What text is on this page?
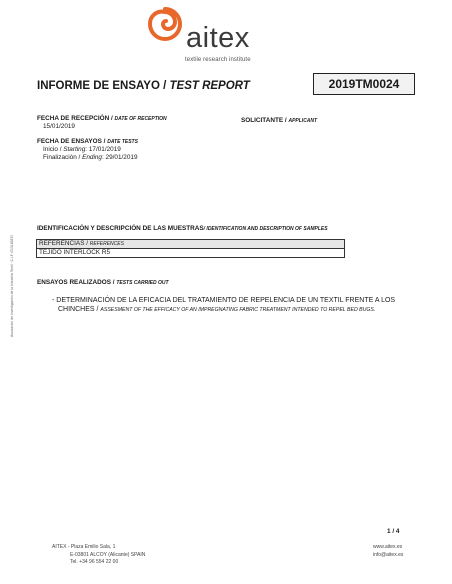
aitex
textile research institute
INFORME DE ENSAYO / TEST REPORT	2019TM0024
FECHA DE RECEPCIÓN / DATE OF RECEPTION
15/01/2019
SOLICITANTE / APPLICANT
FECHA DE ENSAYOS / DATE TESTS
Inicio / Starting: 17/01/2019
Finalización / Ending: 29/01/2019
Asociación de Investigación de la Industria Textil · C.I.F. G03182870
IDENTIFICACIÓN Y DESCRIPCIÓN DE LAS MUESTRAS/ IDENTIFICATION AND DESCRIPTION OF SAMPLES
REFERENCIAS / REFERENCES
TEJIDO INTERLOCK R5
ENSAYOS REALIZADOS / TESTS CARRIED OUT
- DETERMINACIÓN DE LA EFICACIA DEL TRATAMIENTO DE REPELENCIA DE UN TEXTIL FRENTE A LOS
CHINCHES / ASSESMENT OF THE EFFICACY OF AN IMPREGNATING FABRIC TREATMENT INTENDED TO REPEL BED BUGS.
1 / 4
AITEX - Plaza Emilio Sala, 1
E-03801 ALCOY (Alicante) SPAIN
Tel. +34 96 554 22 00
www.aitex.es
info@aitex.es
